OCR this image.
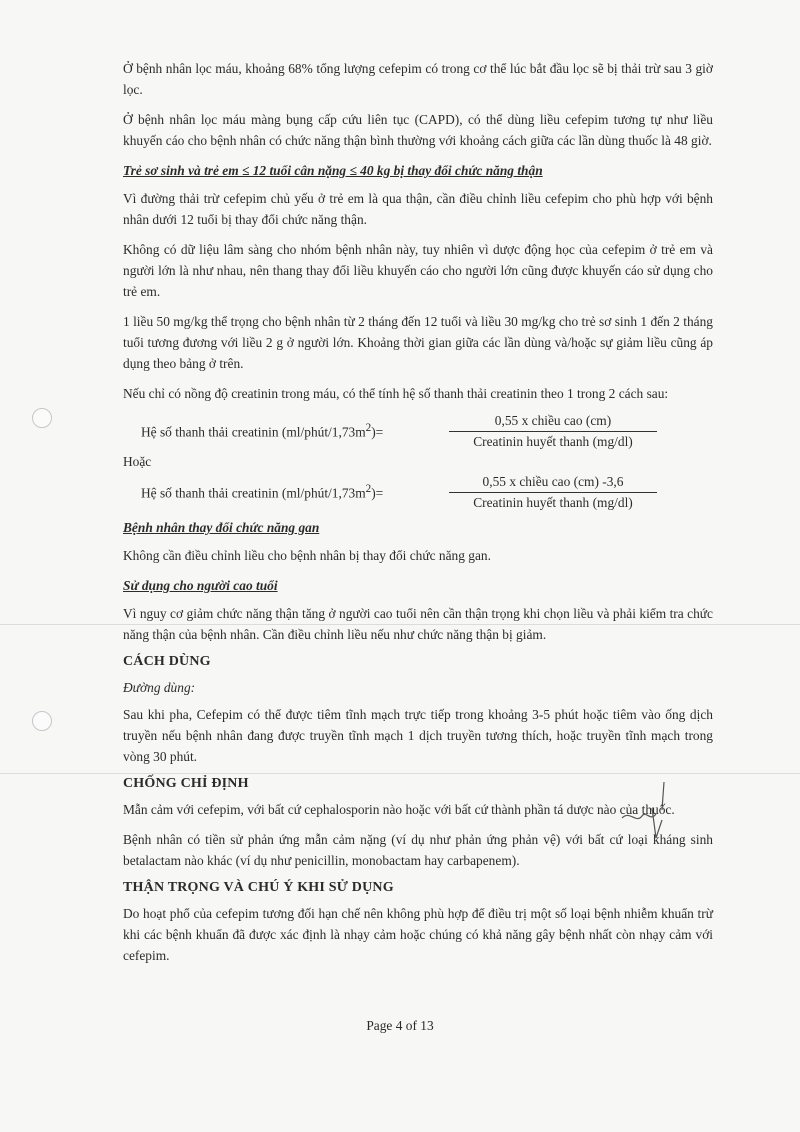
Ở bệnh nhân lọc máu, khoảng 68% tổng lượng cefepim có trong cơ thể lúc bắt đầu lọc sẽ bị thải trừ sau 3 giờ lọc.

Ở bệnh nhân lọc máu màng bụng cấp cứu liên tục (CAPD), có thể dùng liều cefepim tương tự như liều khuyến cáo cho bệnh nhân có chức năng thận bình thường với khoảng cách giữa các lần dùng thuốc là 48 giờ.

Trẻ sơ sinh và trẻ em ≤ 12 tuổi cân nặng ≤ 40 kg bị thay đổi chức năng thận

Vì đường thải trừ cefepim chủ yếu ở trẻ em là qua thận, cần điều chỉnh liều cefepim cho phù hợp với bệnh nhân dưới 12 tuổi bị thay đổi chức năng thận.

Không có dữ liệu lâm sàng cho nhóm bệnh nhân này, tuy nhiên vì dược động học của cefepim ở trẻ em và người lớn là như nhau, nên thang thay đổi liều khuyến cáo cho người lớn cũng được khuyến cáo sử dụng cho trẻ em.

1 liều 50 mg/kg thể trọng cho bệnh nhân từ 2 tháng đến 12 tuổi và liều 30 mg/kg cho trẻ sơ sinh 1 đến 2 tháng tuổi tương đương với liều 2 g ở người lớn. Khoảng thời gian giữa các lần dùng và/hoặc sự giảm liều cũng áp dụng theo bảng ở trên.

Nếu chỉ có nồng độ creatinin trong máu, có thể tính hệ số thanh thải creatinin theo 1 trong 2 cách sau:

Hệ số thanh thải creatinin $(ml/phút/1,73m^2)=$	$\frac{\text{0,55 x chiều cao (cm)}}{\text{Creatinin huyết thanh (mg/dl)}}$
Hoặc
Hệ số thanh thải creatinin $(ml/phút/1,73m^2)=$	$\frac{\text{0,55 x chiều cao (cm) -3,6}}{\text{Creatinin huyết thanh (mg/dl)}}$

Bệnh nhân thay đổi chức năng gan

Không cần điều chỉnh liều cho bệnh nhân bị thay đổi chức năng gan.

Sử dụng cho người cao tuổi

Vì nguy cơ giảm chức năng thận tăng ở người cao tuổi nên cần thận trọng khi chọn liều và phải kiểm tra chức năng thận của bệnh nhân. Cần điều chỉnh liều nếu như chức năng thận bị giảm.

CÁCH DÙNG

Đường dùng:

Sau khi pha, Cefepim có thể được tiêm tĩnh mạch trực tiếp trong khoảng 3-5 phút hoặc tiêm vào ống dịch truyền nếu bệnh nhân đang được truyền tĩnh mạch 1 dịch truyền tương thích, hoặc truyền tĩnh mạch trong vòng 30 phút.

CHỐNG CHỈ ĐỊNH

Mẫn cảm với cefepim, với bất cứ cephalosporin nào hoặc với bất cứ thành phần tá dược nào của thuốc.

Bệnh nhân có tiền sử phản ứng mẫn cảm nặng (ví dụ như phản ứng phản vệ) với bất cứ loại kháng sinh betalactam nào khác (ví dụ như penicillin, monobactam hay carbapenem).

THẬN TRỌNG VÀ CHÚ Ý KHI SỬ DỤNG

Do hoạt phổ của cefepim tương đối hạn chế nên không phù hợp để điều trị một số loại bệnh nhiễm khuẩn trừ khi các bệnh khuẩn đã được xác định là nhạy cảm hoặc chúng có khả năng gây bệnh nhất còn nhạy cảm với cefepim.

Page 4 of 13
